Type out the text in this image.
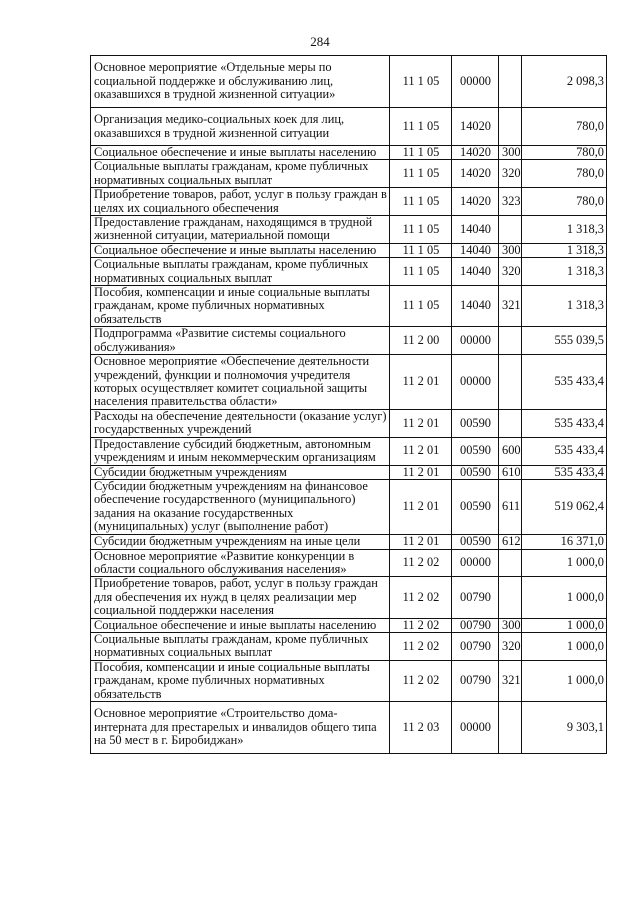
284
Основное мероприятие «Отдельные меры по социальной поддержке и обслуживанию лиц, оказавшихся в трудной жизненной ситуации»	11 1 05	00000		2 098,3
Организация медико-социальных коек для лиц, оказавшихся в трудной жизненной ситуации	11 1 05	14020		780,0
Социальное обеспечение и иные выплаты населению	11 1 05	14020	300	780,0
Социальные выплаты гражданам, кроме публичных нормативных социальных выплат	11 1 05	14020	320	780,0
Приобретение товаров, работ, услуг в пользу граждан в целях их социального обеспечения	11 1 05	14020	323	780,0
Предоставление гражданам, находящимся в трудной жизненной ситуации, материальной помощи	11 1 05	14040		1 318,3
Социальное обеспечение и иные выплаты населению	11 1 05	14040	300	1 318,3
Социальные выплаты гражданам, кроме публичных нормативных социальных выплат	11 1 05	14040	320	1 318,3
Пособия, компенсации и иные социальные выплаты гражданам, кроме публичных нормативных обязательств	11 1 05	14040	321	1 318,3
Подпрограмма «Развитие системы социального обслуживания»	11 2 00	00000		555 039,5
Основное мероприятие «Обеспечение деятельности учреждений, функции и полномочия учредителя которых осуществляет комитет социальной защиты населения правительства области»	11 2 01	00000		535 433,4
Расходы на обеспечение деятельности (оказание услуг) государственных учреждений	11 2 01	00590		535 433,4
Предоставление субсидий бюджетным, автономным учреждениям и иным некоммерческим организациям	11 2 01	00590	600	535 433,4
Субсидии бюджетным учреждениям	11 2 01	00590	610	535 433,4
Субсидии бюджетным учреждениям на финансовое обеспечение государственного (муниципального) задания на оказание государственных (муниципальных) услуг (выполнение работ)	11 2 01	00590	611	519 062,4
Субсидии бюджетным учреждениям на иные цели	11 2 01	00590	612	16 371,0
Основное мероприятие «Развитие конкуренции в области социального обслуживания населения»	11 2 02	00000		1 000,0
Приобретение товаров, работ, услуг в пользу граждан для обеспечения их нужд в целях реализации мер социальной поддержки населения	11 2 02	00790		1 000,0
Социальное обеспечение и иные выплаты населению	11 2 02	00790	300	1 000,0
Социальные выплаты гражданам, кроме публичных нормативных социальных выплат	11 2 02	00790	320	1 000,0
Пособия, компенсации и иные социальные выплаты гражданам, кроме публичных нормативных обязательств	11 2 02	00790	321	1 000,0
Основное мероприятие «Строительство дома-интерната для престарелых и инвалидов общего типа на 50 мест в г. Биробиджан»	11 2 03	00000		9 303,1
